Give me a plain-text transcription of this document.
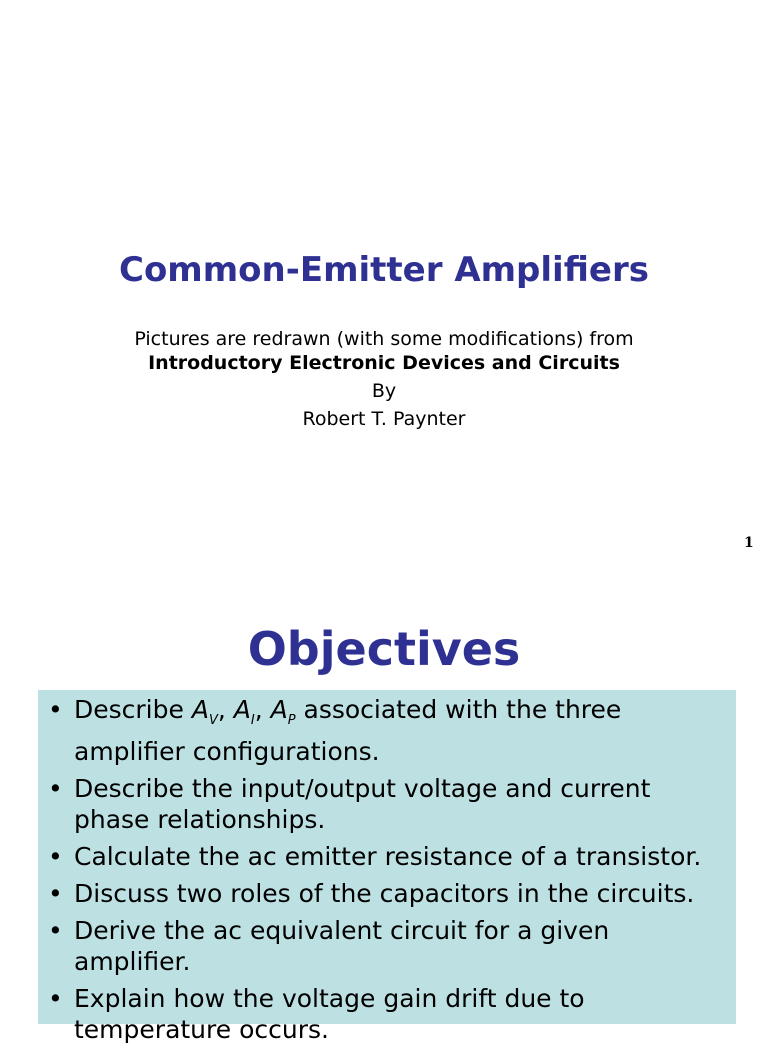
Common-Emitter Amplifiers
Pictures are redrawn (with some modifications) from
Introductory Electronic Devices and Circuits
By
Robert T. Paynter
1
Objectives
• Describe $A_V$, $A_I$, $A_P$ associated with the three amplifier configurations.
• Describe the input/output voltage and current phase relationships.
• Calculate the ac emitter resistance of a transistor.
• Discuss two roles of the capacitors in the circuits.
• Derive the ac equivalent circuit for a given amplifier.
• Explain how the voltage gain drift due to temperature occurs.
